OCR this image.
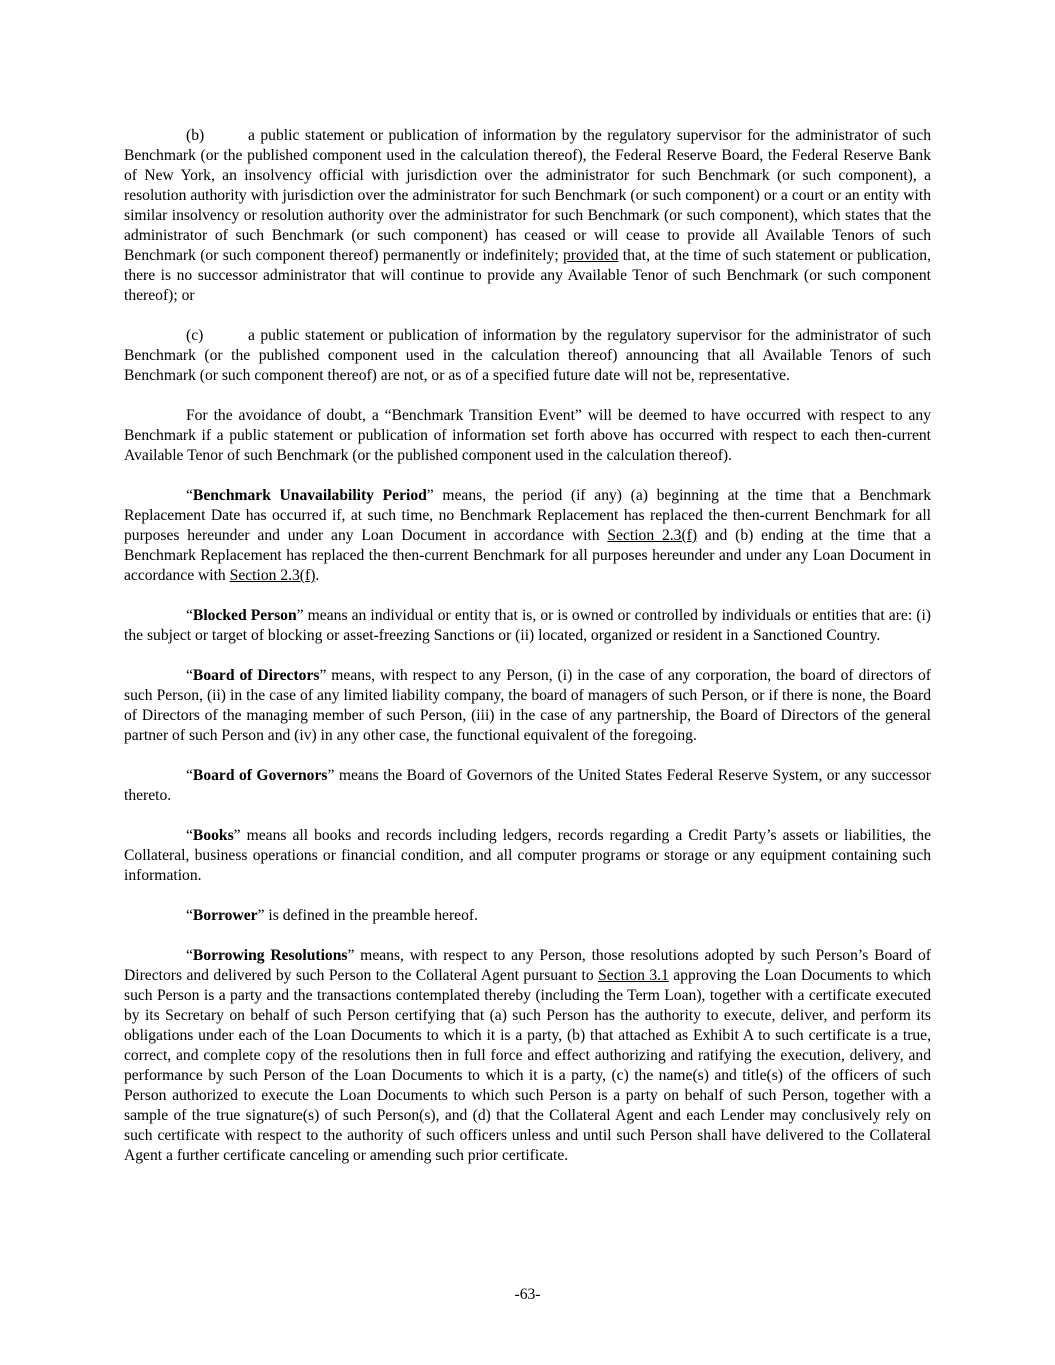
(b)	a public statement or publication of information by the regulatory supervisor for the administrator of such Benchmark (or the published component used in the calculation thereof), the Federal Reserve Board, the Federal Reserve Bank of New York, an insolvency official with jurisdiction over the administrator for such Benchmark (or such component), a resolution authority with jurisdiction over the administrator for such Benchmark (or such component) or a court or an entity with similar insolvency or resolution authority over the administrator for such Benchmark (or such component), which states that the administrator of such Benchmark (or such component) has ceased or will cease to provide all Available Tenors of such Benchmark (or such component thereof) permanently or indefinitely; provided that, at the time of such statement or publication, there is no successor administrator that will continue to provide any Available Tenor of such Benchmark (or such component thereof); or

(c)	a public statement or publication of information by the regulatory supervisor for the administrator of such Benchmark (or the published component used in the calculation thereof) announcing that all Available Tenors of such Benchmark (or such component thereof) are not, or as of a specified future date will not be, representative.

For the avoidance of doubt, a “Benchmark Transition Event” will be deemed to have occurred with respect to any Benchmark if a public statement or publication of information set forth above has occurred with respect to each then-current Available Tenor of such Benchmark (or the published component used in the calculation thereof).

“Benchmark Unavailability Period” means, the period (if any) (a) beginning at the time that a Benchmark Replacement Date has occurred if, at such time, no Benchmark Replacement has replaced the then-current Benchmark for all purposes hereunder and under any Loan Document in accordance with Section 2.3(f) and (b) ending at the time that a Benchmark Replacement has replaced the then-current Benchmark for all purposes hereunder and under any Loan Document in accordance with Section 2.3(f).

“Blocked Person” means an individual or entity that is, or is owned or controlled by individuals or entities that are: (i) the subject or target of blocking or asset-freezing Sanctions or (ii) located, organized or resident in a Sanctioned Country.

“Board of Directors” means, with respect to any Person, (i) in the case of any corporation, the board of directors of such Person, (ii) in the case of any limited liability company, the board of managers of such Person, or if there is none, the Board of Directors of the managing member of such Person, (iii) in the case of any partnership, the Board of Directors of the general partner of such Person and (iv) in any other case, the functional equivalent of the foregoing.

“Board of Governors” means the Board of Governors of the United States Federal Reserve System, or any successor thereto.

“Books” means all books and records including ledgers, records regarding a Credit Party’s assets or liabilities, the Collateral, business operations or financial condition, and all computer programs or storage or any equipment containing such information.

“Borrower” is defined in the preamble hereof.

“Borrowing Resolutions” means, with respect to any Person, those resolutions adopted by such Person’s Board of Directors and delivered by such Person to the Collateral Agent pursuant to Section 3.1 approving the Loan Documents to which such Person is a party and the transactions contemplated thereby (including the Term Loan), together with a certificate executed by its Secretary on behalf of such Person certifying that (a) such Person has the authority to execute, deliver, and perform its obligations under each of the Loan Documents to which it is a party, (b) that attached as Exhibit A to such certificate is a true, correct, and complete copy of the resolutions then in full force and effect authorizing and ratifying the execution, delivery, and performance by such Person of the Loan Documents to which it is a party, (c) the name(s) and title(s) of the officers of such Person authorized to execute the Loan Documents to which such Person is a party on behalf of such Person, together with a sample of the true signature(s) of such Person(s), and (d) that the Collateral Agent and each Lender may conclusively rely on such certificate with respect to the authority of such officers unless and until such Person shall have delivered to the Collateral Agent a further certificate canceling or amending such prior certificate.

-63-
